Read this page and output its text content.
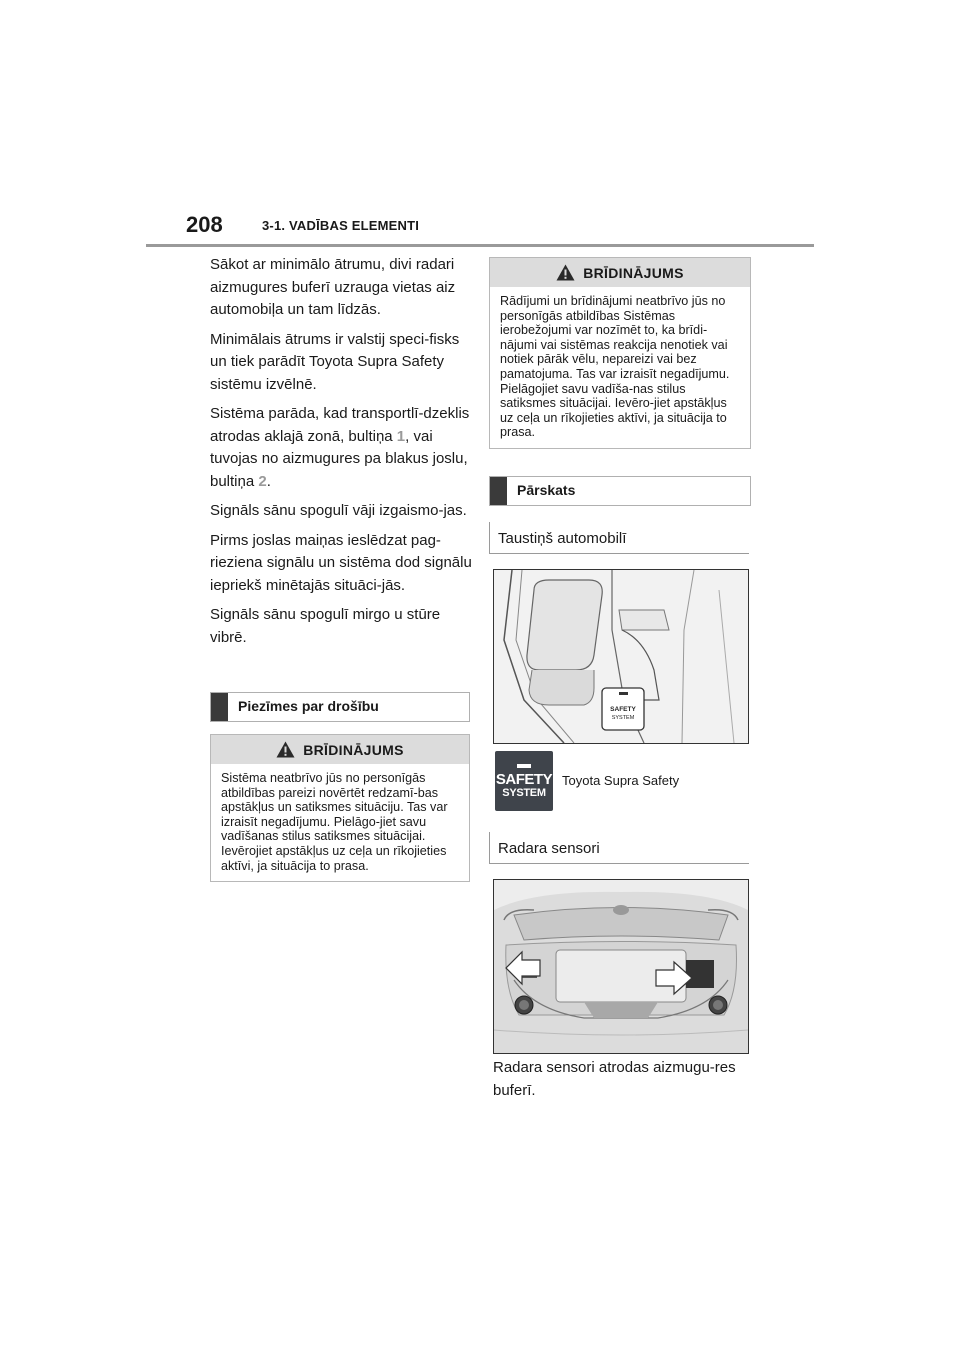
208	3-1. VADĪBAS ELEMENTI

Sākot ar minimālo ātrumu, divi radari aizmugures buferī uzrauga vietas aiz automobiļa un tam līdzās.

Minimālais ātrums ir valstij speci-fisks un tiek parādīt Toyota Supra Safety sistēmu izvēlnē.

Sistēma parāda, kad transportlī-dzeklis atrodas aklajā zonā, bultiņa 1, vai tuvojas no aizmugures pa blakus joslu, bultiņa 2.

Signāls sānu spogulī vāji izgaismo-jas.

Pirms joslas maiņas ieslēdzat pag-rieziena signālu un sistēma dod signālu iepriekš minētajās situāci-jās.

Signāls sānu spogulī mirgo u stūre vibrē.

Piezīmes par drošību
BRĪDINĀJUMS
Sistēma neatbrīvo jūs no personīgās atbildības pareizi novērtēt redzamī-bas apstākļus un satiksmes situāciju. Tas var izraisīt negadījumu. Pielāgo-jiet savu vadīšanas stilus satiksmes situācijai. Ievērojiet apstākļus uz ceļa un rīkojieties aktīvi, ja situācija to prasa.
BRĪDINĀJUMS
Rādījumi un brīdinājumi neatbrīvo jūs no personīgās atbildības Sistēmas ierobežojumi var nozīmēt to, ka brīdi-nājumi vai sistēmas reakcija nenotiek vai notiek pārāk vēlu, nepareizi vai bez pamatojuma. Tas var izraisīt negadījumu. Pielāgojiet savu vadīša-nas stilus satiksmes situācijai. Ievēro-jiet apstākļus uz ceļa un rīkojieties aktīvi, ja situācija to prasa.
Pārskats
Taustiņš automobilī
SAFETY
SYSTEM
SAFETY
SYSTEM
Toyota Supra Safety
Radara sensori
Radara sensori atrodas aizmugu-res buferī.
